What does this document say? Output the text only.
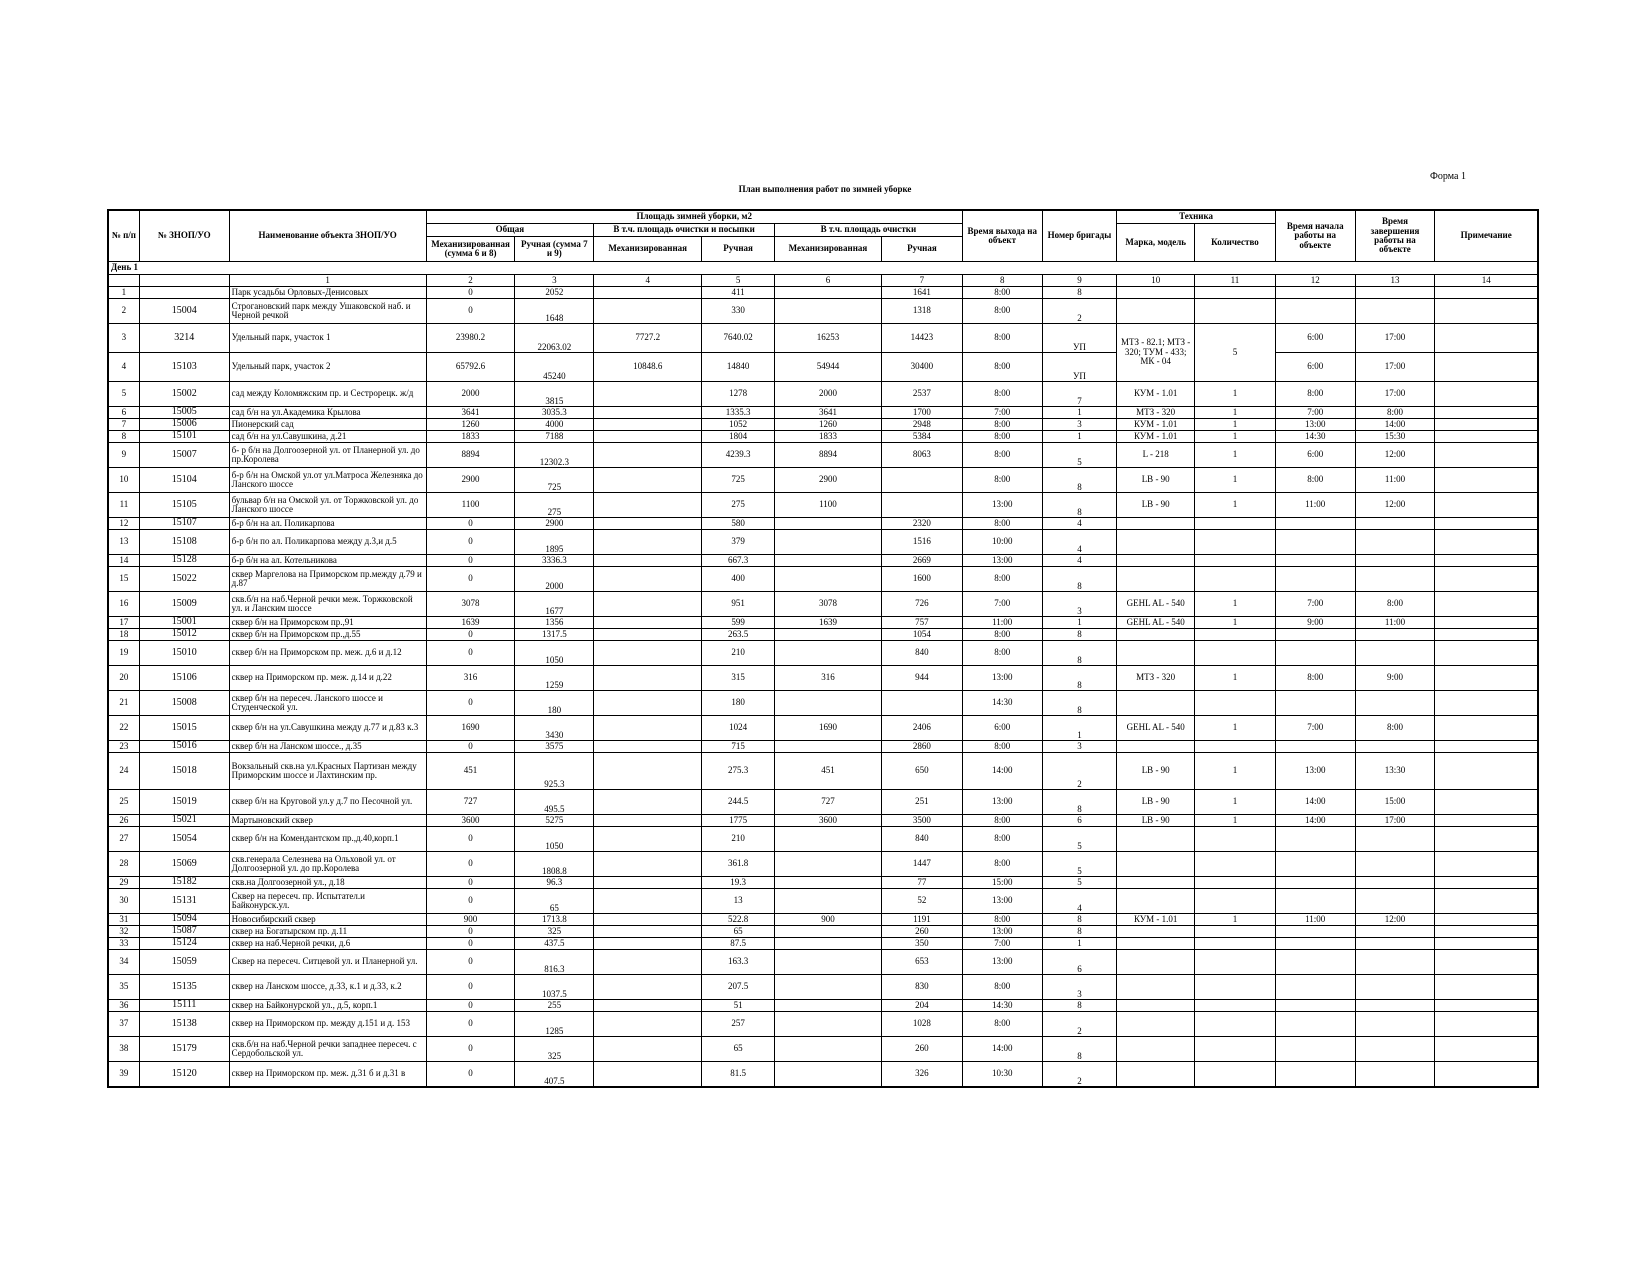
Форма 1
План выполнения работ по зимней уборке
№ п/п	№ ЗНОП/УО	Наименование объекта ЗНОП/УО	Площадь зимней уборки, м2						Время выхода на объект	Номер бригады	Техника		Время начала работы на объекте	Время завершения работы на объекте	Примечание
			Общая		В т.ч. площадь очистки и посыпки		В т.ч. площадь очистки				Марка, модель	Количество			
			Механизированная (сумма 6 и 8)	Ручная (сумма 7 и 9)	Механизированная	Ручная	Механизированная	Ручная							
День 1															
		1	2	3	4	5	6	7	8	9	10	11	12	13	14
1		Парк усадьбы Орловых-Денисовых	0	2052		411		1641	8:00	8					
2	15004	Строгановский парк между Ушаковской наб. и Черной речкой	0	1648		330		1318	8:00	2					
3	3214	Удельный парк, участок 1	23980.2	22063.02	7727.2	7640.02	16253	14423	8:00	УП	МТЗ - 82.1; МТЗ - 320; ТУМ - 433; МК - 04	5	6:00	17:00	
4	15103	Удельный парк, участок 2	65792.6	45240	10848.6	14840	54944	30400	8:00	УП			6:00	17:00	
5	15002	сад между Коломяжским пр. и Сестрорецк. ж/д	2000	3815		1278	2000	2537	8:00	7	КУМ - 1.01	1	8:00	17:00	
6	15005	сад б/н на ул.Академика Крылова	3641	3035.3		1335.3	3641	1700	7:00	1	МТЗ - 320	1	7:00	8:00	
7	15006	Пионерский сад	1260	4000		1052	1260	2948	8:00	3	КУМ - 1.01	1	13:00	14:00	
8	15101	сад б/н на ул.Савушкина, д.21	1833	7188		1804	1833	5384	8:00	1	КУМ - 1.01	1	14:30	15:30	
9	15007	б- р б/н на Долгоозерной ул. от Планерной ул. до пр.Королева	8894	12302.3		4239.3	8894	8063	8:00	5	L - 218	1	6:00	12:00	
10	15104	б-р б/н на Омской ул.от ул.Матроса Железняка до Ланского шоссе	2900	725		725	2900		8:00	8	LB - 90	1	8:00	11:00	
11	15105	бульвар б/н на Омской ул. от Торжковской ул. до Ланского шоссе	1100	275		275	1100		13:00	8	LB - 90	1	11:00	12:00	
12	15107	б-р б/н на ал. Поликарпова	0	2900		580		2320	8:00	4					
13	15108	б-р б/н по ал. Поликарпова между д.3,и д.5	0	1895		379		1516	10:00	4					
14	15128	б-р б/н на ал. Котельникова	0	3336.3		667.3		2669	13:00	4					
15	15022	сквер Маргелова на Приморском пр.между д.79 и д.87	0	2000		400		1600	8:00	8					
16	15009	скв.б/н на наб.Черной речки меж. Торжковской ул. и Ланским шоссе	3078	1677		951	3078	726	7:00	3	GEHL AL - 540	1	7:00	8:00	
17	15001	сквер б/н на Приморском пр.,91	1639	1356		599	1639	757	11:00	1	GEHL AL - 540	1	9:00	11:00	
18	15012	сквер б/н на Приморском пр.,д.55	0	1317.5		263.5		1054	8:00	8					
19	15010	сквер б/н на Приморском пр. меж. д.6 и д.12	0	1050		210		840	8:00	8					
20	15106	сквер на Приморском пр. меж. д.14 и д.22	316	1259		315	316	944	13:00	8	МТЗ - 320	1	8:00	9:00	
21	15008	сквер б/н на пересеч. Ланского шоссе и Студенческой ул.	0	180		180			14:30	8					
22	15015	сквер б/н на ул.Савушкина между д.77 и д.83 к.3	1690	3430		1024	1690	2406	6:00	1	GEHL AL - 540	1	7:00	8:00	
23	15016	сквер б/н на Ланском шоссе., д.35	0	3575		715		2860	8:00	3					
24	15018	Вокзальный скв.на ул.Красных Партизан между Приморским шоссе и Лахтинским пр.	451	925.3		275.3	451	650	14:00	2	LB - 90	1	13:00	13:30	
25	15019	сквер б/н на Круговой ул.у д.7 по Песочной ул.	727	495.5		244.5	727	251	13:00	8	LB - 90	1	14:00	15:00	
26	15021	Мартыновский сквер	3600	5275		1775	3600	3500	8:00	6	LB - 90	1	14:00	17:00	
27	15054	сквер б/н на Комендантском пр.,д.40,корп.1	0	1050		210		840	8:00	5					
28	15069	скв.генерала Селезнева на Ольховой ул. от Долгоозерной ул. до пр.Королева	0	1808.8		361.8		1447	8:00	5					
29	15182	скв.на Долгоозерной ул., д.18	0	96.3		19.3		77	15:00	5					
30	15131	Сквер на пересеч. пр. Испытател.и Байконурск.ул.	0	65		13		52	13:00	4					
31	15094	Новосибирский сквер	900	1713.8		522.8	900	1191	8:00	8	КУМ - 1.01	1	11:00	12:00	
32	15087	сквер на Богатырском пр. д.11	0	325		65		260	13:00	8					
33	15124	сквер на наб.Черной речки, д.6	0	437.5		87.5		350	7:00	1					
34	15059	Сквер на пересеч. Ситцевой ул. и Планерной ул.	0	816.3		163.3		653	13:00	6					
35	15135	сквер на Ланском шоссе, д.33, к.1 и д.33, к.2	0	1037.5		207.5		830	8:00	3					
36	15111	сквер на Байконурской ул., д.5, корп.1	0	255		51		204	14:30	8					
37	15138	сквер на Приморском пр. между д.151 и д. 153	0	1285		257		1028	8:00	2					
38	15179	скв.б/н на наб.Черной речки западнее пересеч. с Сердобольской ул.	0	325		65		260	14:00	8					
39	15120	сквер на Приморском пр. меж. д.31 б и д.31 в	0	407.5		81.5		326	10:30	2					
